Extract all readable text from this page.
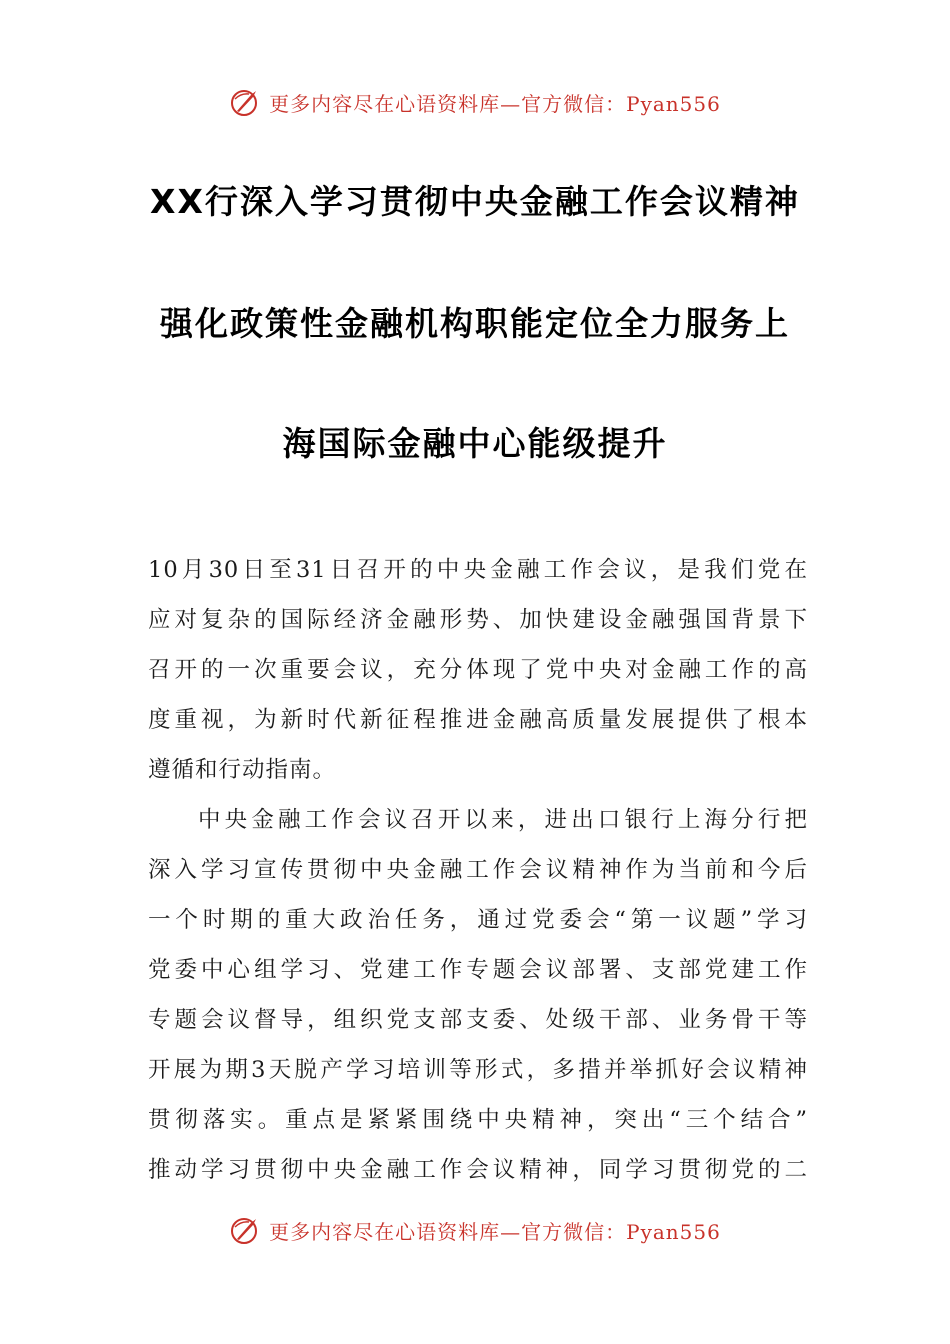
更多内容尽在心语资料库—官方微信：Pyan556
XX行深入学习贯彻中央金融工作会议精神
强化政策性金融机构职能定位全力服务上
海国际金融中心能级提升
10月30日至31日召开的中央金融工作会议，是我们党在
应对复杂的国际经济金融形势、加快建设金融强国背景下
召开的一次重要会议，充分体现了党中央对金融工作的高
度重视，为新时代新征程推进金融高质量发展提供了根本
遵循和行动指南。
中央金融工作会议召开以来，进出口银行上海分行把
深入学习宣传贯彻中央金融工作会议精神作为当前和今后
一个时期的重大政治任务，通过党委会“第一议题”学习
党委中心组学习、党建工作专题会议部署、支部党建工作
专题会议督导，组织党支部支委、处级干部、业务骨干等
开展为期3天脱产学习培训等形式，多措并举抓好会议精神
贯彻落实。重点是紧紧围绕中央精神，突出“三个结合”
推动学习贯彻中央金融工作会议精神，同学习贯彻党的二
更多内容尽在心语资料库—官方微信：Pyan556
